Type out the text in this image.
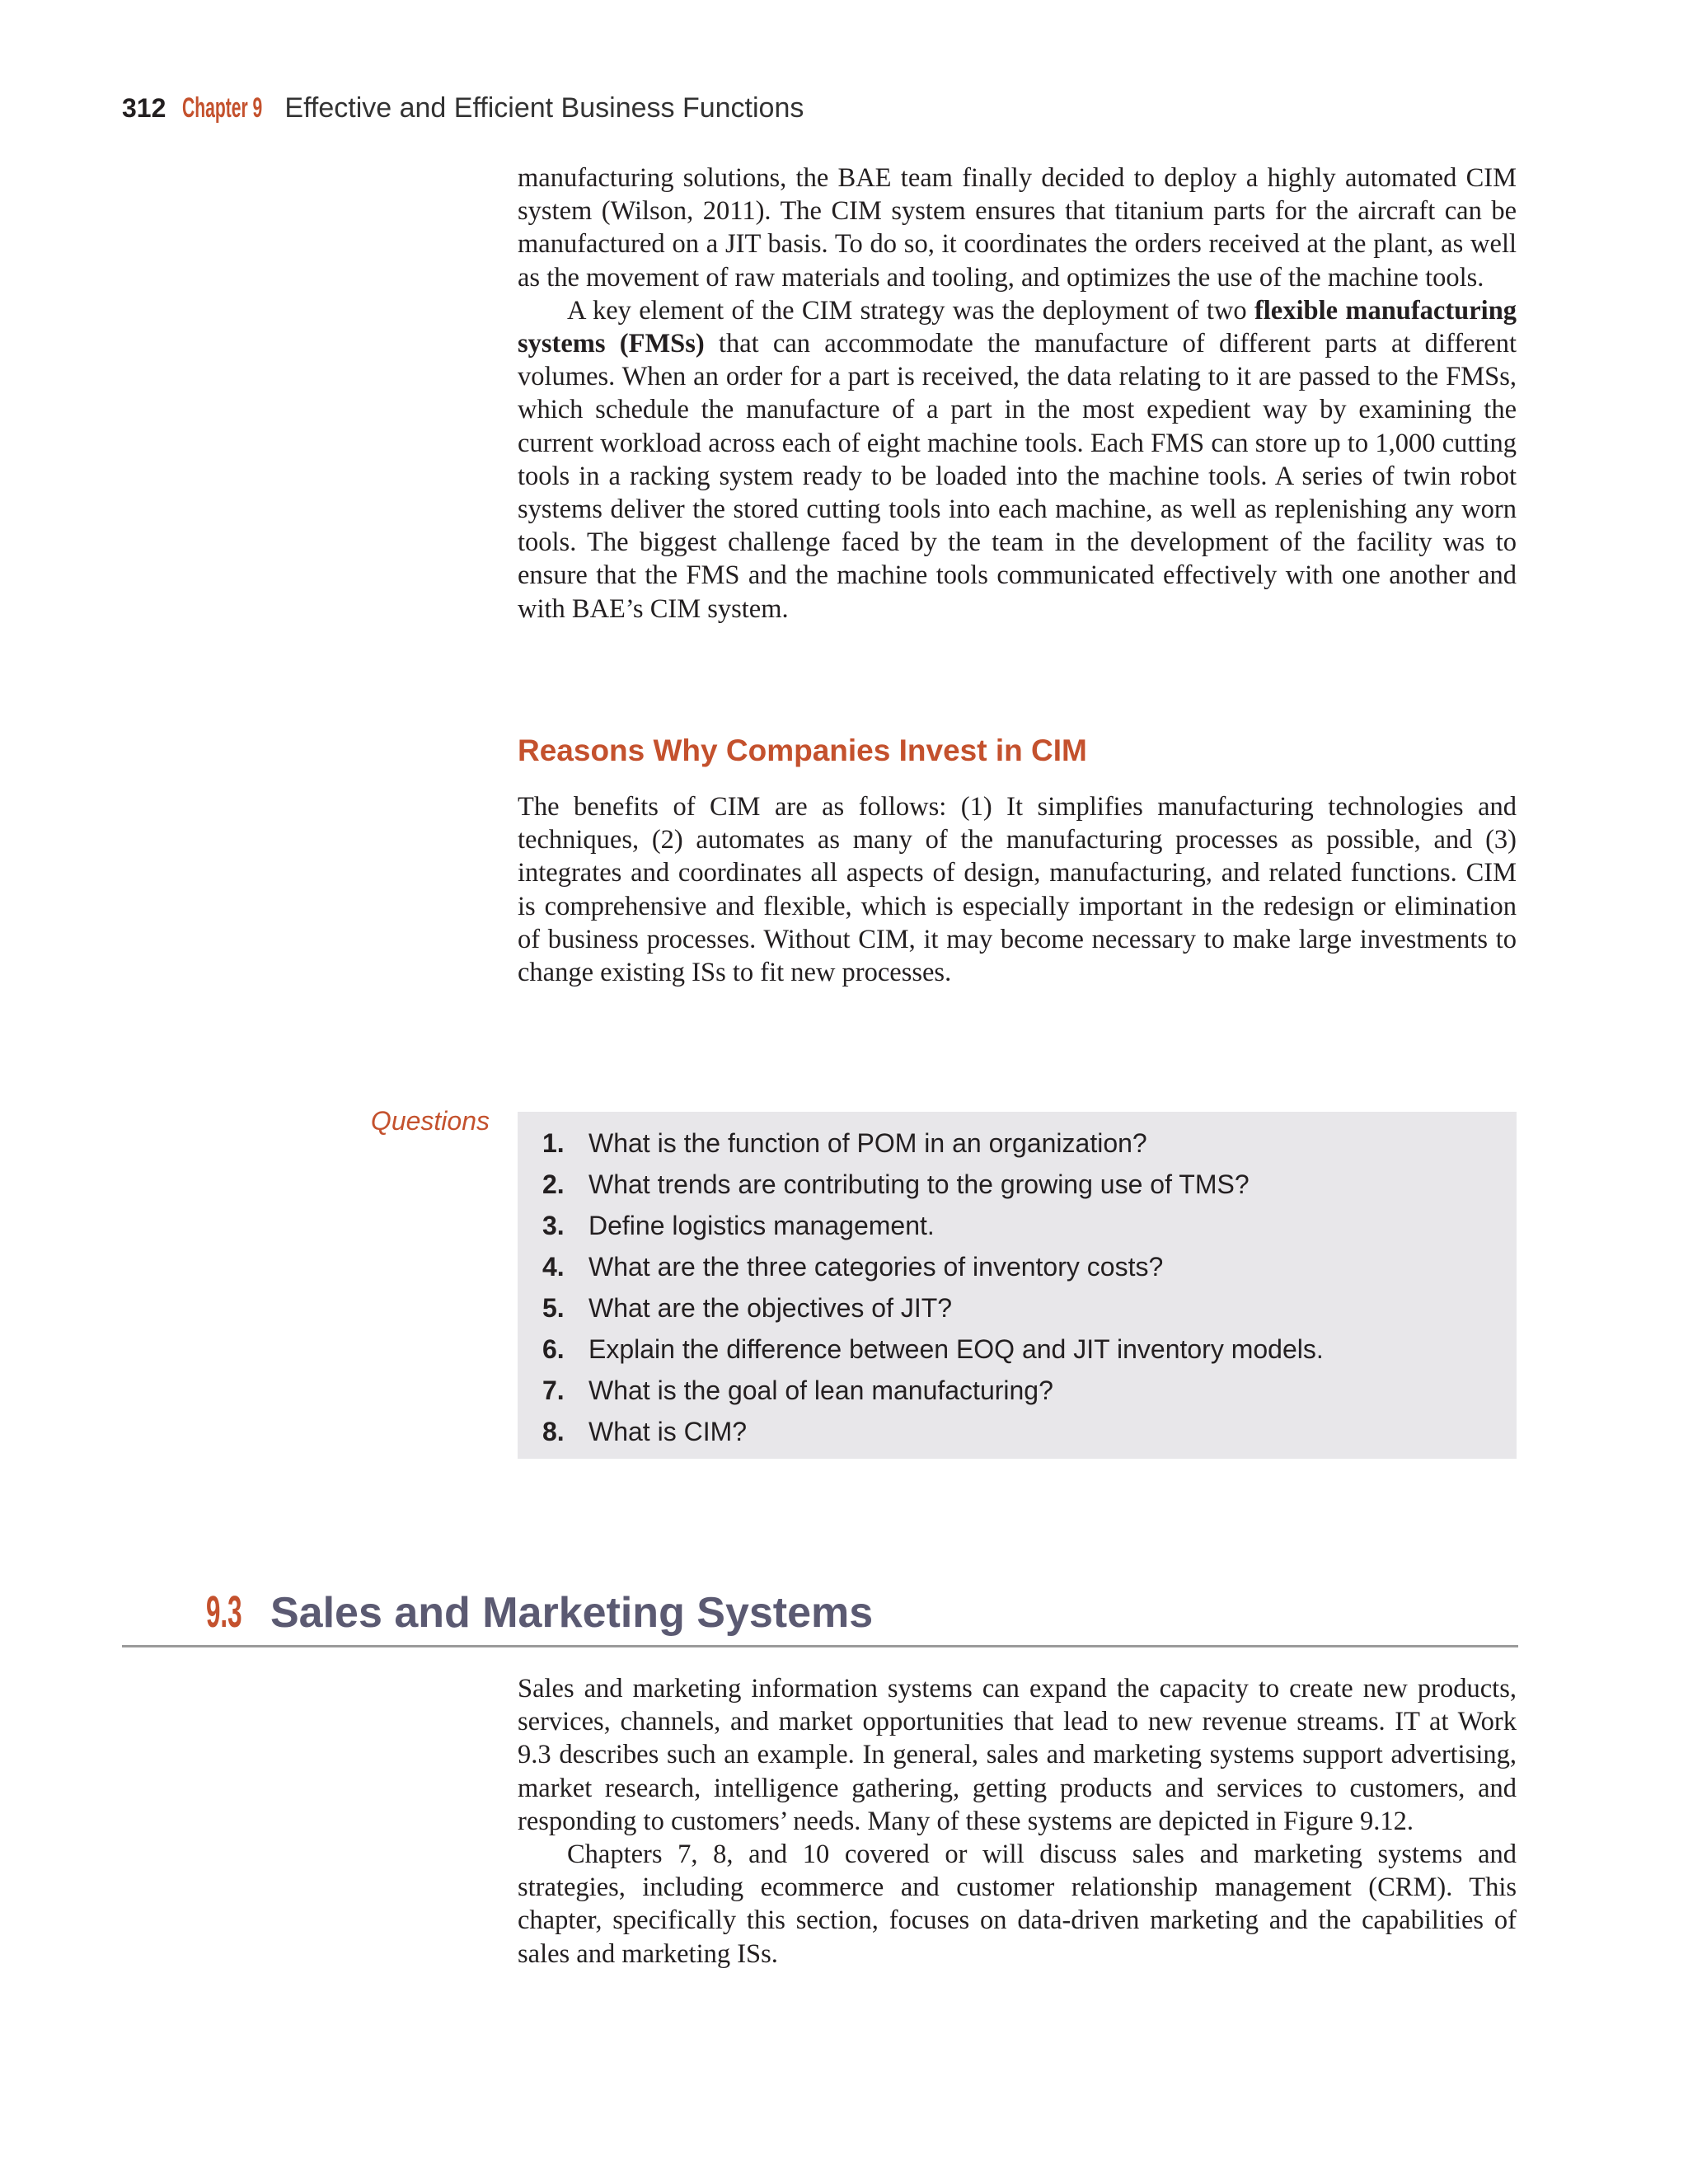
312 Chapter 9 Effective and Efficient Business Functions

manufacturing solutions, the BAE team finally decided to deploy a highly automated CIM system (Wilson, 2011). The CIM system ensures that titanium parts for the aircraft can be manufactured on a JIT basis. To do so, it coordinates the orders received at the plant, as well as the movement of raw materials and tooling, and optimizes the use of the machine tools.

A key element of the CIM strategy was the deployment of two flexible manufacturing systems (FMSs) that can accommodate the manufacture of different parts at different volumes. When an order for a part is received, the data relating to it are passed to the FMSs, which schedule the manufacture of a part in the most expedient way by examining the current workload across each of eight machine tools. Each FMS can store up to 1,000 cutting tools in a racking system ready to be loaded into the machine tools. A series of twin robot systems deliver the stored cutting tools into each machine, as well as replenishing any worn tools. The biggest challenge faced by the team in the development of the facility was to ensure that the FMS and the machine tools communicated effectively with one another and with BAE’s CIM system.

Reasons Why Companies Invest in CIM

The benefits of CIM are as follows: (1) It simplifies manufacturing technologies and techniques, (2) automates as many of the manufacturing processes as possible, and (3) integrates and coordinates all aspects of design, manufacturing, and related functions. CIM is comprehensive and flexible, which is especially important in the redesign or elimination of business processes. Without CIM, it may become necessary to make large investments to change existing ISs to fit new processes.

Questions
1. What is the function of POM in an organization?
2. What trends are contributing to the growing use of TMS?
3. Define logistics management.
4. What are the three categories of inventory costs?
5. What are the objectives of JIT?
6. Explain the difference between EOQ and JIT inventory models.
7. What is the goal of lean manufacturing?
8. What is CIM?
9.3 Sales and Marketing Systems

Sales and marketing information systems can expand the capacity to create new products, services, channels, and market opportunities that lead to new revenue streams. IT at Work 9.3 describes such an example. In general, sales and marketing systems support advertising, market research, intelligence gathering, getting products and services to customers, and responding to customers’ needs. Many of these systems are depicted in Figure 9.12.

Chapters 7, 8, and 10 covered or will discuss sales and marketing systems and strategies, including ecommerce and customer relationship management (CRM). This chapter, specifically this section, focuses on data-driven marketing and the capabilities of sales and marketing ISs.
